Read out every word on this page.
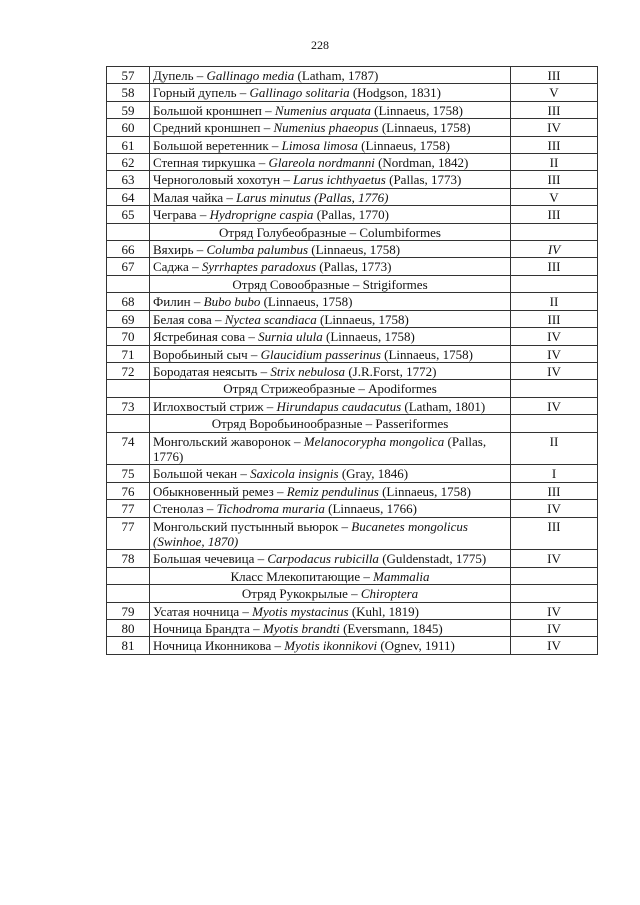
228
57	Дупель – Gallinago media (Latham, 1787)	III
58	Горный дупель – Gallinago solitaria (Hodgson, 1831)	V
59	Большой кроншнеп – Numenius arquata (Linnaeus, 1758)	III
60	Средний кроншнеп – Numenius phaeopus (Linnaeus, 1758)	IV
61	Большой веретенник – Limosa limosa (Linnaeus, 1758)	III
62	Степная тиркушка – Glareola nordmanni (Nordman, 1842)	II
63	Черноголовый хохотун – Larus ichthyaetus (Pallas, 1773)	III
64	Малая чайка – Larus minutus (Pallas, 1776)	V
65	Чеграва – Hydroprigne caspia (Pallas, 1770)	III
	Отряд Голубеобразные – Columbiformes	
66	Вяхирь – Columba palumbus (Linnaeus, 1758)	IV
67	Саджа – Syrrhaptes paradoxus (Pallas, 1773)	III
	Отряд Совообразные – Strigiformes	
68	Филин – Bubo bubo (Linnaeus, 1758)	II
69	Белая сова – Nyctea scandiaca (Linnaeus, 1758)	III
70	Ястребиная сова – Surnia ulula (Linnaeus, 1758)	IV
71	Воробьиный сыч – Glaucidium passerinus (Linnaeus, 1758)	IV
72	Бородатая неясыть – Strix nebulosa (J.R.Forst, 1772)	IV
	Отряд Стрижеобразные – Apodiformes	
73	Иглохвостый стриж – Hirundapus caudacutus (Latham, 1801)	IV
	Отряд Воробьинообразные – Passeriformes	
74	Монгольский жаворонок – Melanocorypha mongolica (Pallas, 1776)	II
75	Большой чекан – Saxicola insignis (Gray, 1846)	I
76	Обыкновенный ремез – Remiz pendulinus (Linnaeus, 1758)	III
77	Стенолаз – Tichodroma muraria (Linnaeus, 1766)	IV
77	Монгольский пустынный вьюрок – Bucanetes mongolicus (Swinhoe, 1870)	III
78	Большая чечевица – Carpodacus rubicilla (Guldenstadt, 1775)	IV
	Класс Млекопитающие – Mammalia	
	Отряд Рукокрылые – Chiroptera	
79	Усатая ночница – Myotis mystacinus (Kuhl, 1819)	IV
80	Ночница Брандта – Myotis brandti (Eversmann, 1845)	IV
81	Ночница Иконникова – Myotis ikonnikovi (Ognev, 1911)	IV
